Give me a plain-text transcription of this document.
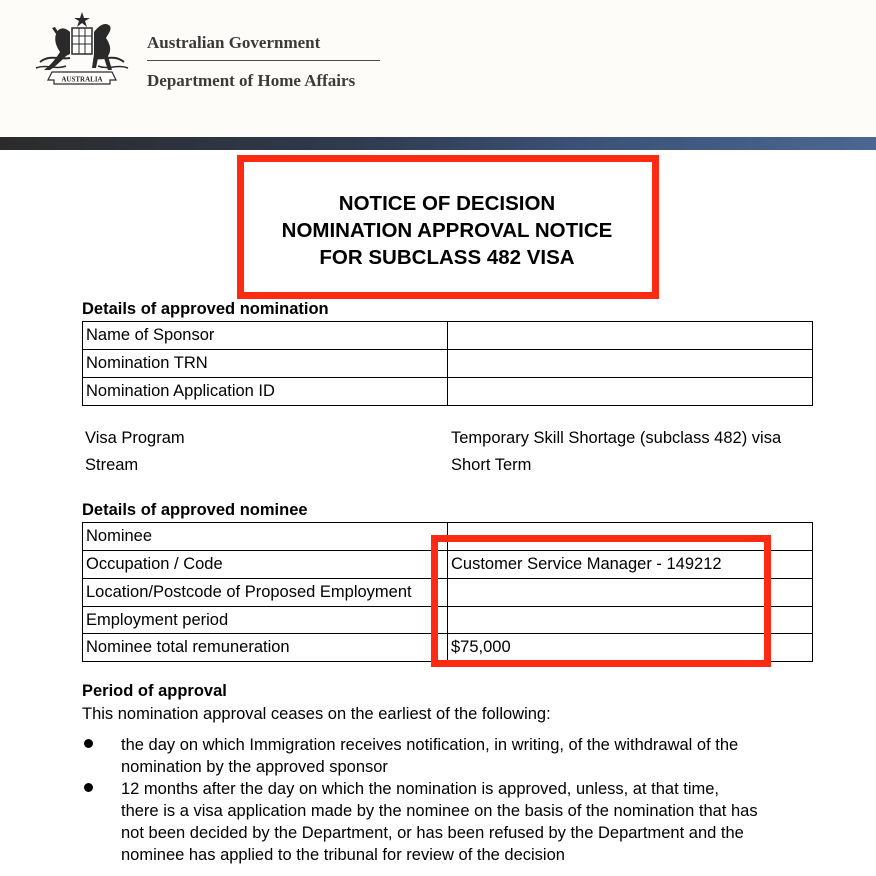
AUSTRALIA
Australian Government
Department of Home Affairs
NOTICE OF DECISION
NOMINATION APPROVAL NOTICE
FOR SUBCLASS 482 VISA
Details of approved nomination
Name of Sponsor	
Nomination TRN	
Nomination Application ID	
Visa Program	Temporary Skill Shortage (subclass 482) visa
Stream	Short Term
Details of approved nominee
Nominee	
Occupation / Code	Customer Service Manager - 149212
Location/Postcode of Proposed Employment	
Employment period	
Nominee total remuneration	$75,000
Period of approval
This nomination approval ceases on the earliest of the following:
the day on which Immigration receives notification, in writing, of the withdrawal of the
nomination by the approved sponsor
12 months after the day on which the nomination is approved, unless, at that time,
there is a visa application made by the nominee on the basis of the nomination that has
not been decided by the Department, or has been refused by the Department and the
nominee has applied to the tribunal for review of the decision
